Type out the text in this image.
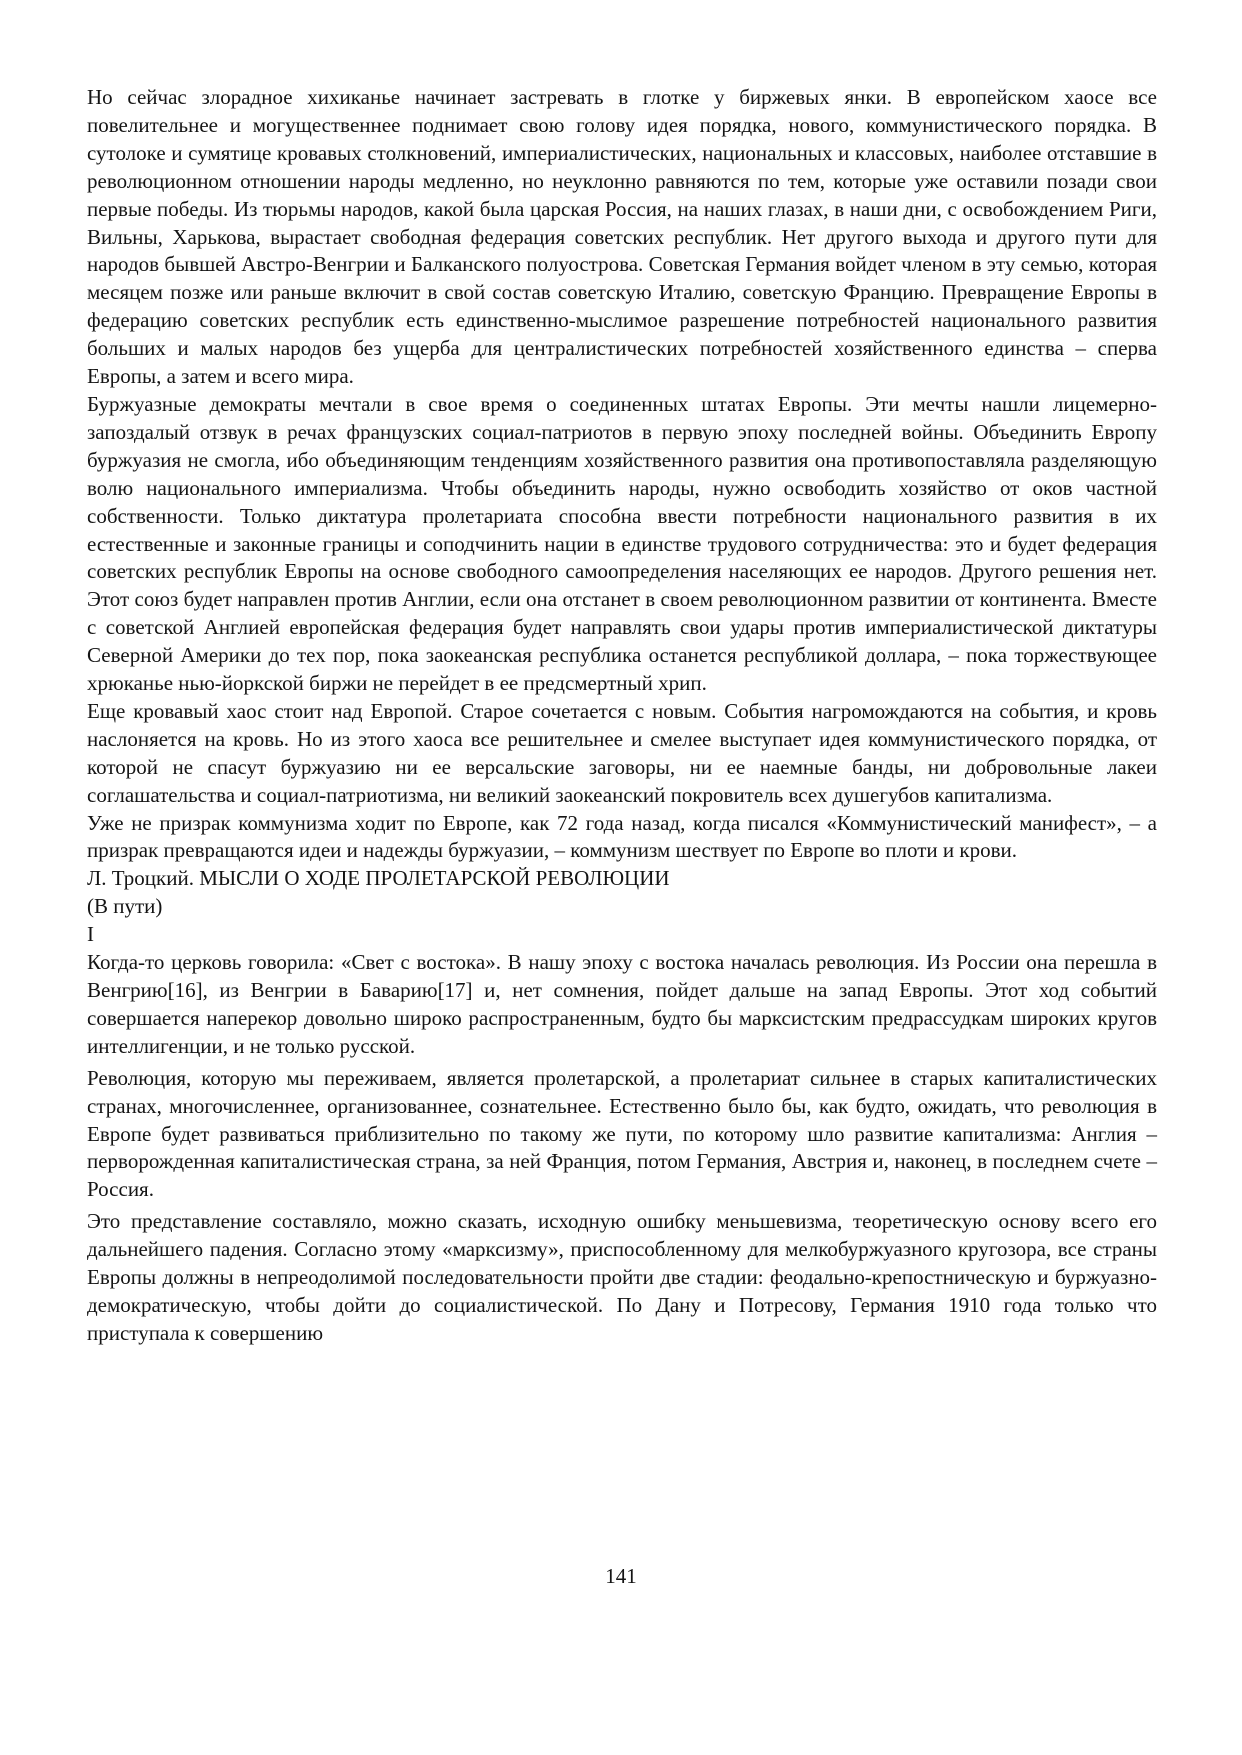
Но сейчас злорадное хихиканье начинает застревать в глотке у биржевых янки. В европейском хаосе все повелительнее и могущественнее поднимает свою голову идея порядка, нового, коммунистического порядка. В сутолоке и сумятице кровавых столкновений, империалистических, национальных и классовых, наиболее отставшие в революционном отношении народы медленно, но неуклонно равняются по тем, которые уже оставили позади свои первые победы. Из тюрьмы народов, какой была царская Россия, на наших глазах, в наши дни, с освобождением Риги, Вильны, Харькова, вырастает свободная федерация советских республик. Нет другого выхода и другого пути для народов бывшей Австро-Венгрии и Балканского полуострова. Советская Германия войдет членом в эту семью, которая месяцем позже или раньше включит в свой состав советскую Италию, советскую Францию. Превращение Европы в федерацию советских республик есть единственно-мыслимое разрешение потребностей национального развития больших и малых народов без ущерба для централистических потребностей хозяйственного единства – сперва Европы, а затем и всего мира.

Буржуазные демократы мечтали в свое время о соединенных штатах Европы. Эти мечты нашли лицемерно-запоздалый отзвук в речах французских социал-патриотов в первую эпоху последней войны. Объединить Европу буржуазия не смогла, ибо объединяющим тенденциям хозяйственного развития она противопоставляла разделяющую волю национального империализма. Чтобы объединить народы, нужно освободить хозяйство от оков частной собственности. Только диктатура пролетариата способна ввести потребности национального развития в их естественные и законные границы и соподчинить нации в единстве трудового сотрудничества: это и будет федерация советских республик Европы на основе свободного самоопределения населяющих ее народов. Другого решения нет. Этот союз будет направлен против Англии, если она отстанет в своем революционном развитии от континента. Вместе с советской Англией европейская федерация будет направлять свои удары против империалистической диктатуры Северной Америки до тех пор, пока заокеанская республика останется республикой доллара, – пока торжествующее хрюканье нью-йоркской биржи не перейдет в ее предсмертный хрип.

Еще кровавый хаос стоит над Европой. Старое сочетается с новым. События нагромождаются на события, и кровь наслоняется на кровь. Но из этого хаоса все решительнее и смелее выступает идея коммунистического порядка, от которой не спасут буржуазию ни ее версальские заговоры, ни ее наемные банды, ни добровольные лакеи соглашательства и социал-патриотизма, ни великий заокеанский покровитель всех душегубов капитализма.

Уже не призрак коммунизма ходит по Европе, как 72 года назад, когда писался «Коммунистический манифест», – а призрак превращаются идеи и надежды буржуазии, – коммунизм шествует по Европе во плоти и крови.

Л. Троцкий. МЫСЛИ О ХОДЕ ПРОЛЕТАРСКОЙ РЕВОЛЮЦИИ
(В пути)
I

Когда-то церковь говорила: «Свет с востока». В нашу эпоху с востока началась революция. Из России она перешла в Венгрию[16], из Венгрии в Баварию[17] и, нет сомнения, пойдет дальше на запад Европы. Этот ход событий совершается наперекор довольно широко распространенным, будто бы марксистским предрассудкам широких кругов интеллигенции, и не только русской.

Революция, которую мы переживаем, является пролетарской, а пролетариат сильнее в старых капиталистических странах, многочисленнее, организованнее, сознательнее. Естественно было бы, как будто, ожидать, что революция в Европе будет развиваться приблизительно по такому же пути, по которому шло развитие капитализма: Англия – перворожденная капиталистическая страна, за ней Франция, потом Германия, Австрия и, наконец, в последнем счете – Россия.

Это представление составляло, можно сказать, исходную ошибку меньшевизма, теоретическую основу всего его дальнейшего падения. Согласно этому «марксизму», приспособленному для мелкобуржуазного кругозора, все страны Европы должны в непреодолимой последовательности пройти две стадии: феодально-крепостническую и буржуазно-демократическую, чтобы дойти до социалистической. По Дану и Потресову, Германия 1910 года только что приступала к совершению

141
